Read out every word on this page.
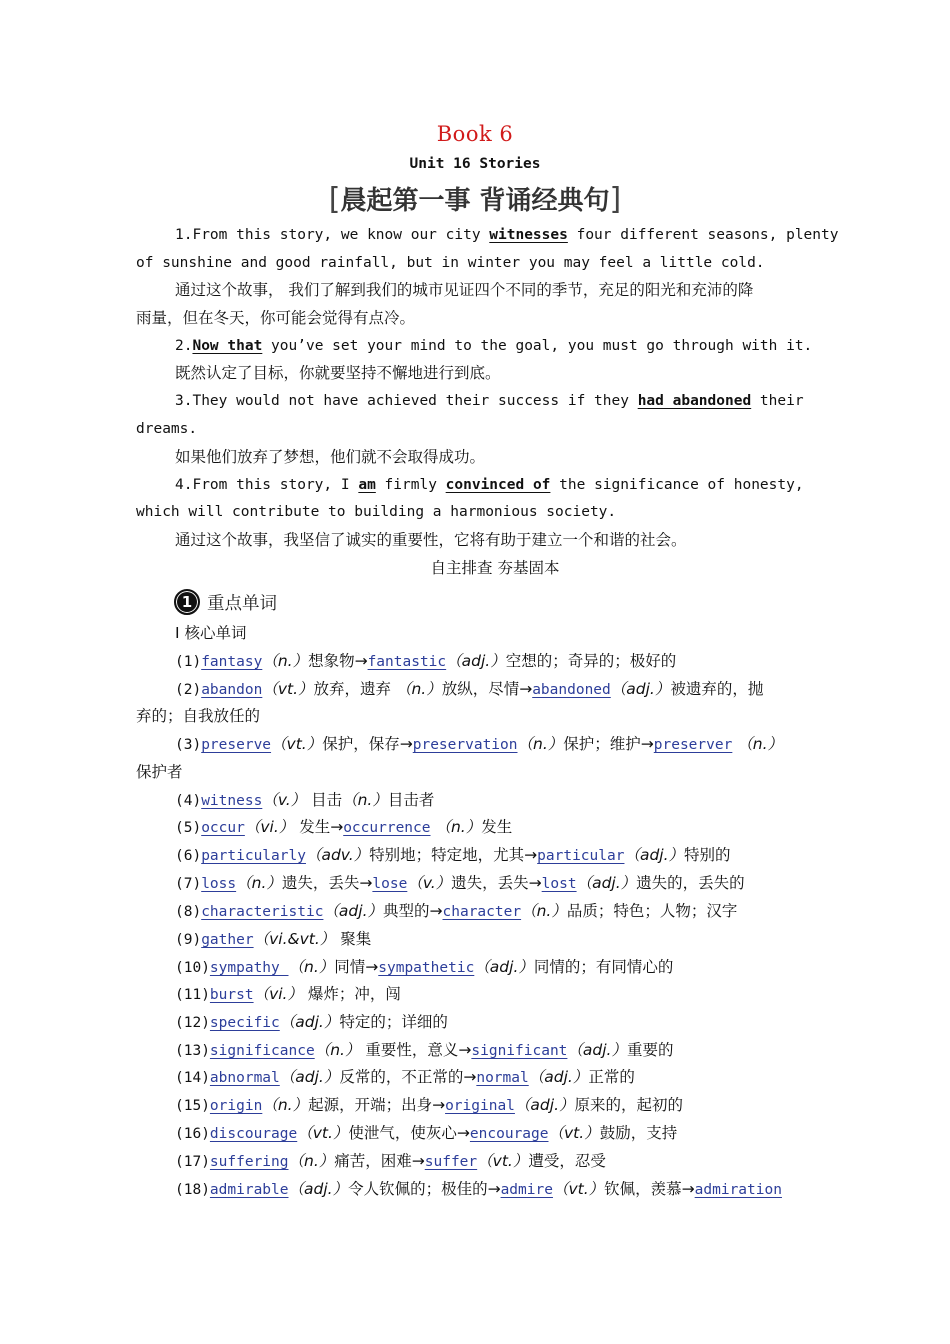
Book 6
Unit 16 Stories
[晨起第一事 背诵经典句]
1.From this story, we know our city witnesses four different seasons, plenty
of sunshine and good rainfall, but in winter you may feel a little cold.
通过这个故事， 我们了解到我们的城市见证四个不同的季节，充足的阳光和充沛的降
雨量，但在冬天，你可能会觉得有点冷。
2.Now that you’ve set your mind to the goal, you must go through with it.
既然认定了目标，你就要坚持不懈地进行到底。
3.They would not have achieved their success if they had abandoned their
dreams.
如果他们放弃了梦想，他们就不会取得成功。
4.From this story, I am firmly convinced of the significance of honesty,
which will contribute to building a harmonious society.
通过这个故事，我坚信了诚实的重要性，它将有助于建立一个和谐的社会。
自主排查 夯基固本
1 重点单词
Ⅰ 核心单词
(1)fantasy（n.）想象物→fantastic（adj.）空想的；奇异的；极好的
(2)abandon（vt.）放弃，遗弃 （n.）放纵，尽情→abandoned（adj.）被遗弃的，抛
弃的；自我放任的
(3)preserve（vt.）保护，保存→preservation（n.）保护；维护→preserver （n.）
保护者
(4)witness（v.） 目击（n.）目击者
(5)occur（vi.） 发生→occurrence （n.）发生
(6)particularly（adv.）特别地；特定地，尤其→particular（adj.）特别的
(7)loss（n.）遗失，丢失→lose（v.）遗失，丢失→lost（adj.）遗失的，丢失的
(8)characteristic（adj.）典型的→character（n.）品质；特色；人物；汉字
(9)gather（vi.&vt.） 聚集
(10)sympathy （n.）同情→sympathetic（adj.）同情的；有同情心的
(11)burst（vi.） 爆炸；冲，闯
(12)specific（adj.）特定的；详细的
(13)significance（n.） 重要性，意义→significant（adj.）重要的
(14)abnormal（adj.）反常的，不正常的→normal（adj.）正常的
(15)origin（n.）起源，开端；出身→original（adj.）原来的，起初的
(16)discourage（vt.）使泄气，使灰心→encourage（vt.）鼓励，支持
(17)suffering（n.）痛苦，困难→suffer（vt.）遭受，忍受
(18)admirable（adj.）令人钦佩的；极佳的→admire（vt.）钦佩，羡慕→admiration
